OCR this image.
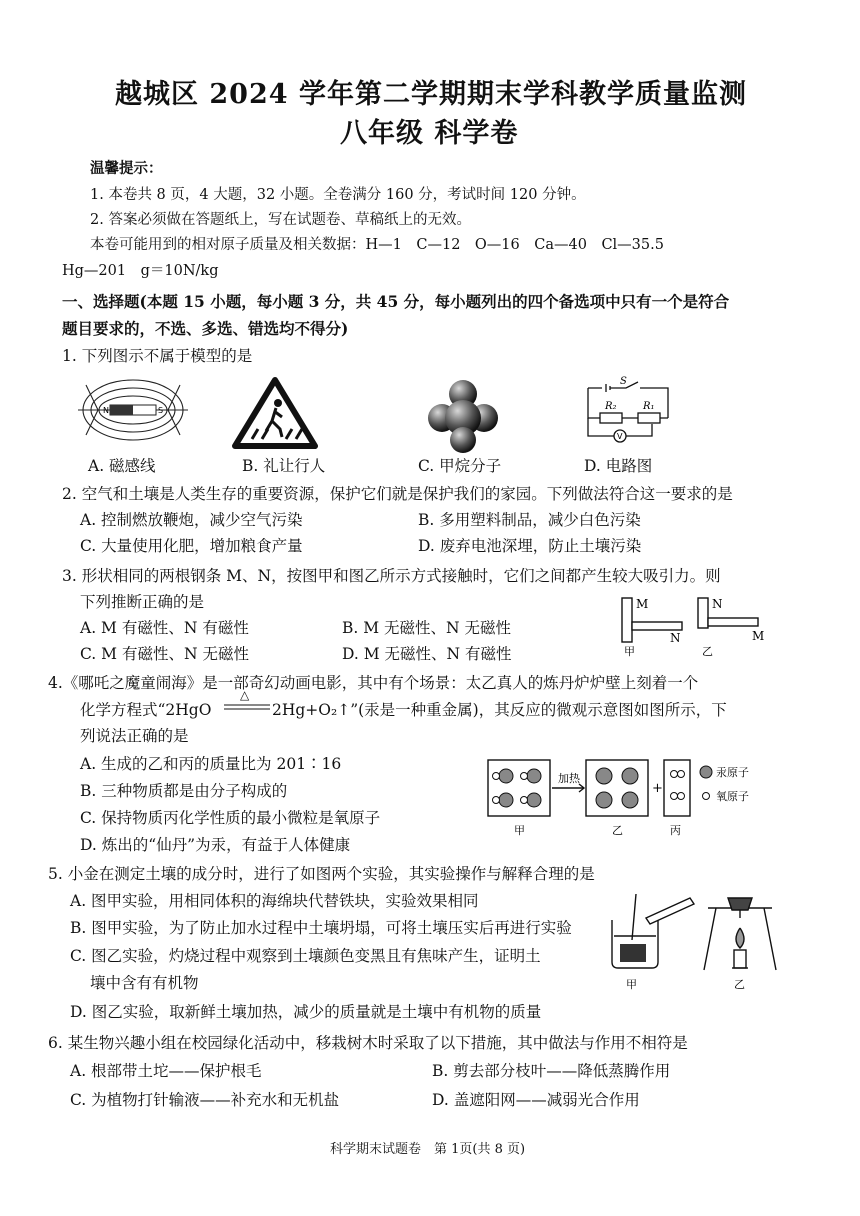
越城区 2024 学年第二学期期末学科教学质量监测
八年级 科学卷
温馨提示：
1. 本卷共 8 页，4 大题，32 小题。全卷满分 160 分，考试时间 120 分钟。
2. 答案必须做在答题纸上，写在试题卷、草稿纸上的无效。
本卷可能用到的相对原子质量及相关数据：H—1　C—12　O—16　Ca—40　Cl—35.5
Hg—201　g＝10N/kg
一、选择题(本题 15 小题，每小题 3 分，共 45 分，每小题列出的四个备选项中只有一个是符合
题目要求的，不选、多选、错选均不得分)
1. 下列图示不属于模型的是
N	S
S
R₂	R₁
V
A. 磁感线	B. 礼让行人	C. 甲烷分子	D. 电路图
2. 空气和土壤是人类生存的重要资源，保护它们就是保护我们的家园。下列做法符合这一要求的是
A. 控制燃放鞭炮，减少空气污染	B. 多用塑料制品，减少白色污染
C. 大量使用化肥，增加粮食产量	D. 废弃电池深埋，防止土壤污染
3. 形状相同的两根钢条 M、N，按图甲和图乙所示方式接触时，它们之间都产生较大吸引力。则
下列推断正确的是
A. M 有磁性、N 有磁性	B. M 无磁性、N 无磁性
C. M 有磁性、N 无磁性	D. M 无磁性、N 有磁性
M
N
N
M
甲	乙
4.《哪吒之魔童闹海》是一部奇幻动画电影，其中有个场景：太乙真人的炼丹炉炉壁上刻着一个
化学方程式“2HgO
△
2Hg+O₂↑”(汞是一种重金属)，其反应的微观示意图如图所示，下
列说法正确的是
A. 生成的乙和丙的质量比为 201∶16
B. 三种物质都是由分子构成的
C. 保持物质丙化学性质的最小微粒是氧原子
D. 炼出的“仙丹”为汞，有益于人体健康
加热
+
汞原子
氧原子
甲	乙	丙
5. 小金在测定土壤的成分时，进行了如图两个实验，其实验操作与解释合理的是
A. 图甲实验，用相同体积的海绵块代替铁块，实验效果相同
B. 图甲实验，为了防止加水过程中土壤坍塌，可将土壤压实后再进行实验
C. 图乙实验，灼烧过程中观察到土壤颜色变黑且有焦味产生，证明土
壤中含有有机物
D. 图乙实验，取新鲜土壤加热，减少的质量就是土壤中有机物的质量
甲	乙
6. 某生物兴趣小组在校园绿化活动中，移栽树木时采取了以下措施，其中做法与作用不相符是
A. 根部带土坨——保护根毛	B. 剪去部分枝叶——降低蒸腾作用
C. 为植物打针输液——补充水和无机盐	D. 盖遮阳网——减弱光合作用
科学期末试题卷　第 1页(共 8 页)
